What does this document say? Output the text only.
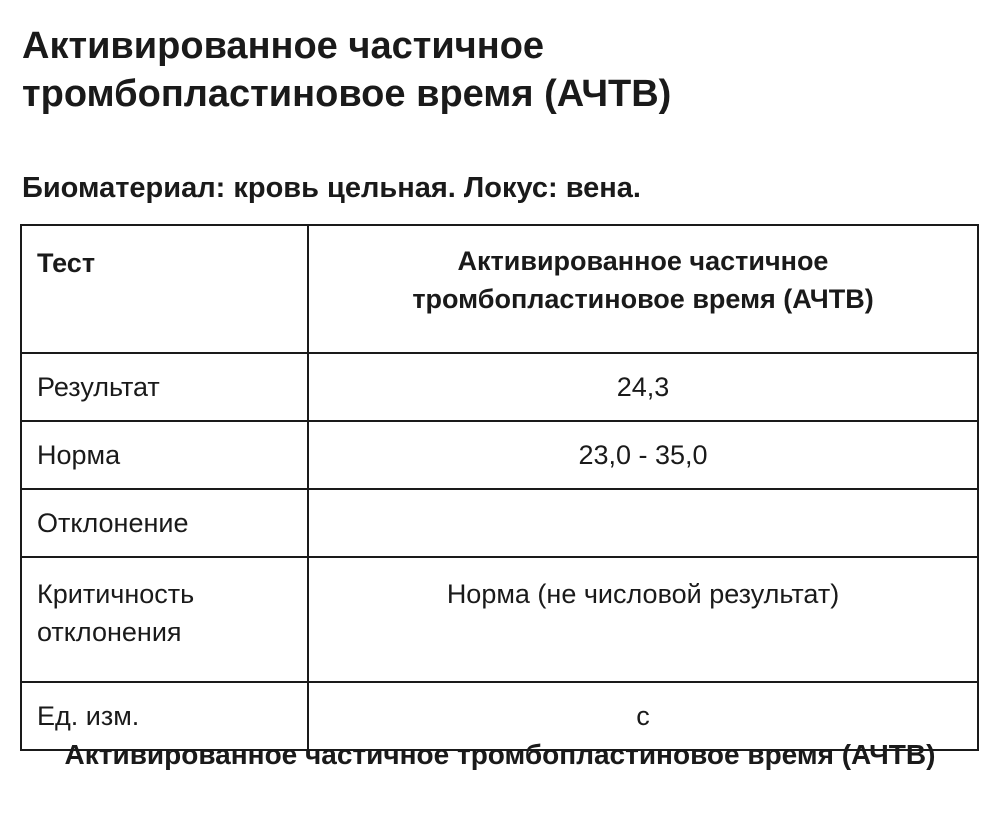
Активированное частичное тромбопластиновое время (АЧТВ)

Биоматериал: кровь цельная. Локус: вена.

Тест	Активированное частичное тромбопластиновое время (АЧТВ)
Результат	24,3
Норма	23,0 - 35,0
Отклонение	
Критичность отклонения	Норма (не числовой результат)
Ед. изм.	с

Активированное частичное тромбопластиновое время (АЧТВ)
